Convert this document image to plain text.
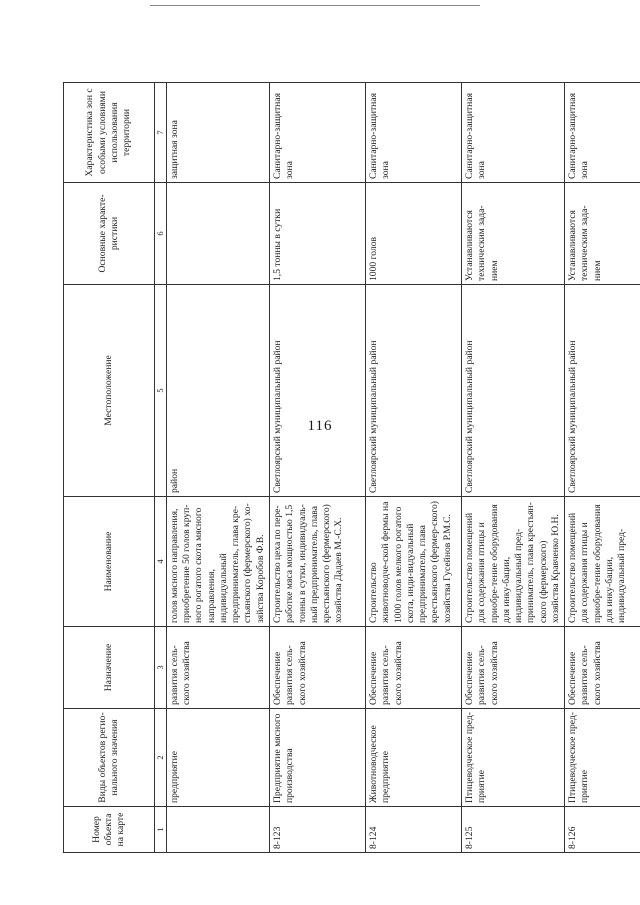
116
Номер объекта на карте	Виды объектов регио-нального значения	Назначение	Наименование	Местоположение	Основные характе-ристики	Характеристика зон с особыми условиями использования территории
1	2	3	4	5	6	7
	предприятие	развития сель-ского хозяйства	голов мясного направления, приобретение 50 голов круп-ного рогатого скота мясного направления, индивидуальный предприниматель, глава кре-стьянского (фермерского) хо-зяйства Коробов Ф.В.	район		защитная зона
8-123	Предприятие мясного производства	Обеспечение развития сель-ского хозяйства	Строительство цеха по пере-работке мяса мощностью 1,5 тонны в сутки, индивидуаль-ный предприниматель, глава крестьянского (фермерского) хозяйства Дадаев М.-С.Х.	Светлоярский муниципальный район	1,5 тонны в сутки	Санитарно-защитная зона
8-124	Животноводческое предприятие	Обеспечение развития сель-ского хозяйства	Строительство животноводче-ской фермы на 1000 голов мелкого рогатого скота, инди-видуальный предприниматель, глава крестьянского (фермер-ского) хозяйства Гусейнов Р.М.С.	Светлоярский муниципальный район	1000 голов	Санитарно-защитная зона
8-125	Птицеводческое пред-приятие	Обеспечение развития сель-ского хозяйства	Строительство помещений для содержания птицы и приобре-тение оборудования для инку-бации, индивидуальный пред-приниматель, глава крестьян-ского (фермерского) хозяйства Кравченко Ю.Н.	Светлоярский муниципальный район	Устанавливаются техническим зада-нием	Санитарно-защитная зона
8-126	Птицеводческое пред-приятие	Обеспечение развития сель-ского хозяйства	Строительство помещений для содержания птицы и приобре-тение оборудования для инку-бации, индивидуальный пред-	Светлоярский муниципальный район	Устанавливаются техническим зада-нием	Санитарно-защитная зона
